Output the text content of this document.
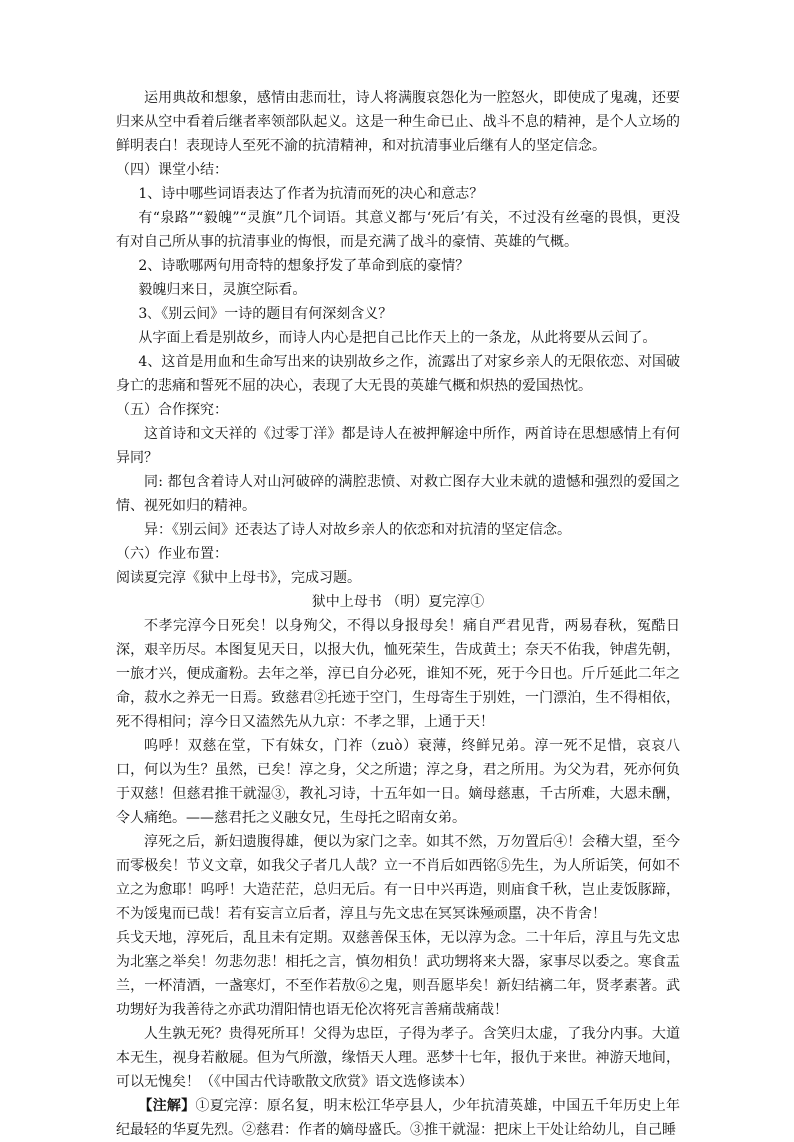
运用典故和想象，感情由悲而壮，诗人将满腹哀怨化为一腔怒火，即使成了鬼魂，还要归来从空中看着后继者率领部队起义。这是一种生命已止、战斗不息的精神，是个人立场的鲜明表白！表现诗人至死不渝的抗清精神，和对抗清事业后继有人的坚定信念。

（四）课堂小结：

1、诗中哪些词语表达了作者为抗清而死的决心和意志？

有“泉路”“毅魄”“灵旗”几个词语。其意义都与‘死后’有关，不过没有丝毫的畏惧，更没有对自己所从事的抗清事业的悔恨，而是充满了战斗的豪情、英雄的气概。

2、诗歌哪两句用奇特的想象抒发了革命到底的豪情？

毅魄归来日，灵旗空际看。

3､《别云间》一诗的题目有何深刻含义？

从字面上看是别故乡，而诗人内心是把自己比作天上的一条龙，从此将要从云间了。

4、这首是用血和生命写出来的诀别故乡之作，流露出了对家乡亲人的无限依恋、对国破身亡的悲痛和誓死不屈的决心，表现了大无畏的英雄气概和炽热的爱国热忱。

（五）合作探究：

这首诗和文天祥的《过零丁洋》都是诗人在被押解途中所作，两首诗在思想感情上有何异同？

同: 都包含着诗人对山河破碎的满腔悲愤、对救亡图存大业未就的遗憾和强烈的爱国之情、视死如归的精神。

异：《别云间》还表达了诗人对故乡亲人的依恋和对抗清的坚定信念。

（六）作业布置：

阅读夏完淳《狱中上母书》，完成习题。

狱中上母书 （明）夏完淳①

不孝完淳今日死矣！以身殉父，不得以身报母矣！痛自严君见背，两易春秋，冤酷日深，艰辛历尽。本图复见天日，以报大仇，恤死荣生，告成黄土；奈天不佑我，钟虐先朝，一旅才兴，便成齑粉。去年之举，淳已自分必死，谁知不死，死于今日也。斤斤延此二年之命，菽水之养无一日焉。致慈君②托迹于空门，生母寄生于别姓，一门漂泊，生不得相依，死不得相问；淳今日又溘然先从九京：不孝之罪，上通于天！

呜呼！双慈在堂，下有妹女，门祚（zuò）衰薄，终鲜兄弟。淳一死不足惜，哀哀八口，何以为生？虽然，已矣！淳之身，父之所遗；淳之身，君之所用。为父为君，死亦何负于双慈！但慈君推干就湿③，教礼习诗，十五年如一日。嫡母慈惠，千古所难，大恩未酬，令人痛绝。——慈君托之义融女兄，生母托之昭南女弟。

淳死之后，新妇遗腹得雄，便以为家门之幸。如其不然，万勿置后④！会稽大望，至今而零极矣！节义文章，如我父子者几人哉？立一不肖后如西铭⑤先生，为人所诟笑，何如不立之为愈耶！呜呼！大造茫茫，总归无后。有一日中兴再造，则庙食千秋，岂止麦饭豚蹄，不为馁鬼而已哉！若有妄言立后者，淳且与先文忠在冥冥诛殛顽嚚，决不肯舍！

兵戈天地，淳死后，乱且未有定期。双慈善保玉体，无以淳为念。二十年后，淳且与先文忠为北塞之举矣！勿悲勿悲！相托之言，慎勿相负！武功甥将来大器，家事尽以委之。寒食盂兰，一杯清酒，一盏寒灯，不至作若敖⑥之鬼，则吾愿毕矣！新妇结褵二年，贤孝素著。武功甥好为我善待之亦武功渭阳情也语无伦次将死言善痛哉痛哉！

人生孰无死？贵得死所耳！父得为忠臣，子得为孝子。含笑归太虚，了我分内事。大道本无生，视身若敝屣。但为气所激，缘悟天人理。恶梦十七年，报仇于来世。神游天地间，可以无愧矣！（《中国古代诗歌散文欣赏》语文选修读本）

【注解】①夏完淳：原名复，明末松江华亭县人，少年抗清英雄，中国五千年历史上年纪最轻的华夏先烈。②慈君：作者的嫡母盛氏。③推干就湿：把床上干处让给幼儿，自己睡
